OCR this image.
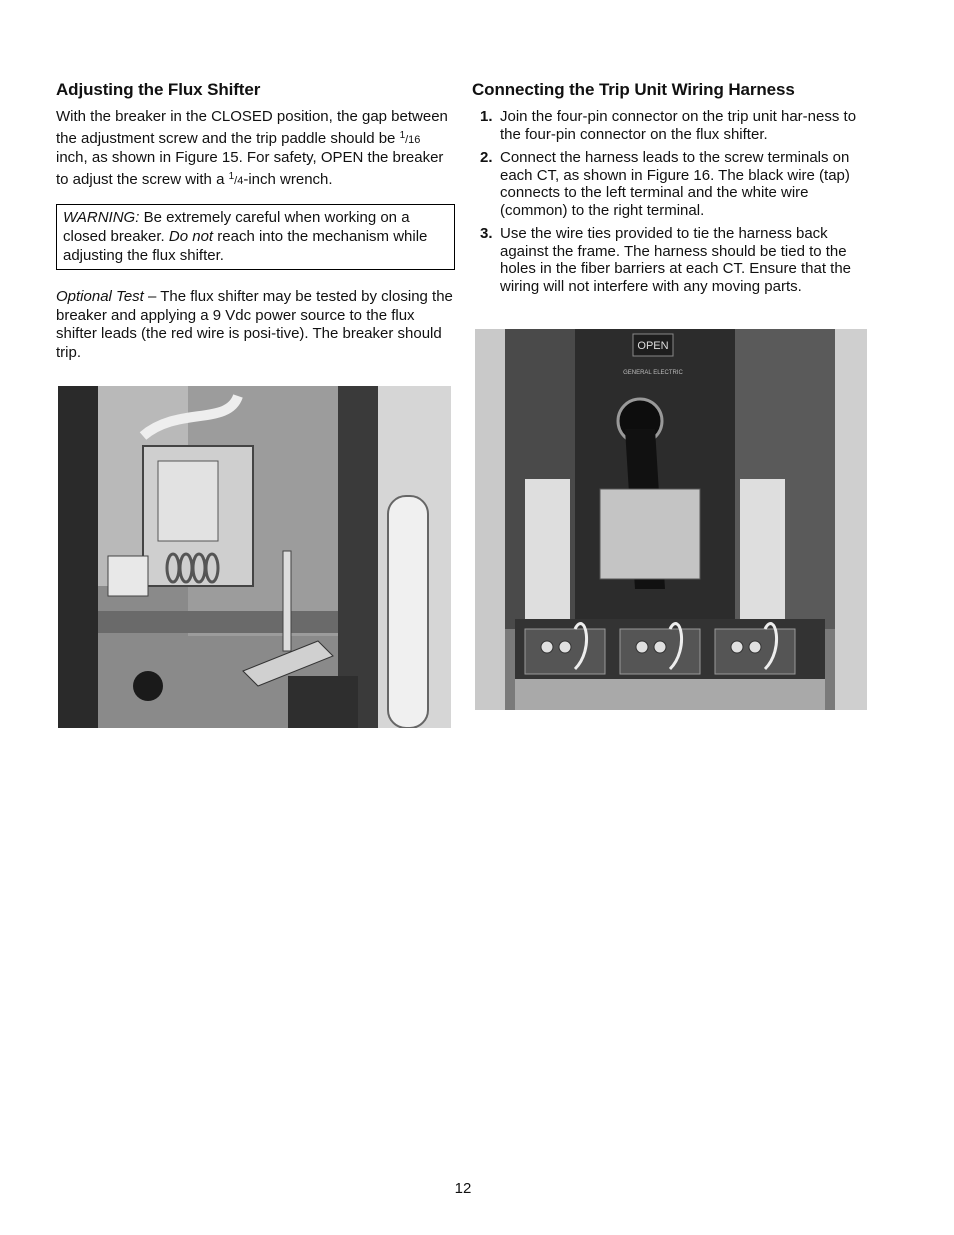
Adjusting the Flux Shifter

With the breaker in the CLOSED position, the gap between the adjustment screw and the trip paddle should be $^1$/16 inch, as shown in Figure 15. For safety, OPEN the breaker to adjust the screw with a $^1$/4-inch wrench.

WARNING: Be extremely careful when working on a closed breaker. Do not reach into the mechanism while adjusting the flux shifter.

Optional Test – The flux shifter may be tested by closing the breaker and applying a 9 Vdc power source to the flux shifter leads (the red wire is posi-tive). The breaker should trip.

Connecting the Trip Unit Wiring Harness
1. Join the four-pin connector on the trip unit har-ness to the four-pin connector on the flux shifter.
2. Connect the harness leads to the screw terminals on each CT, as shown in Figure 16. The black wire (tap) connects to the left terminal and the white wire (common) to the right terminal.
3. Use the wire ties provided to tie the harness back against the frame. The harness should be tied to the holes in the fiber barriers at each CT. Ensure that the wiring will not interfere with any moving parts.
OPEN
GENERAL ELECTRIC
12
